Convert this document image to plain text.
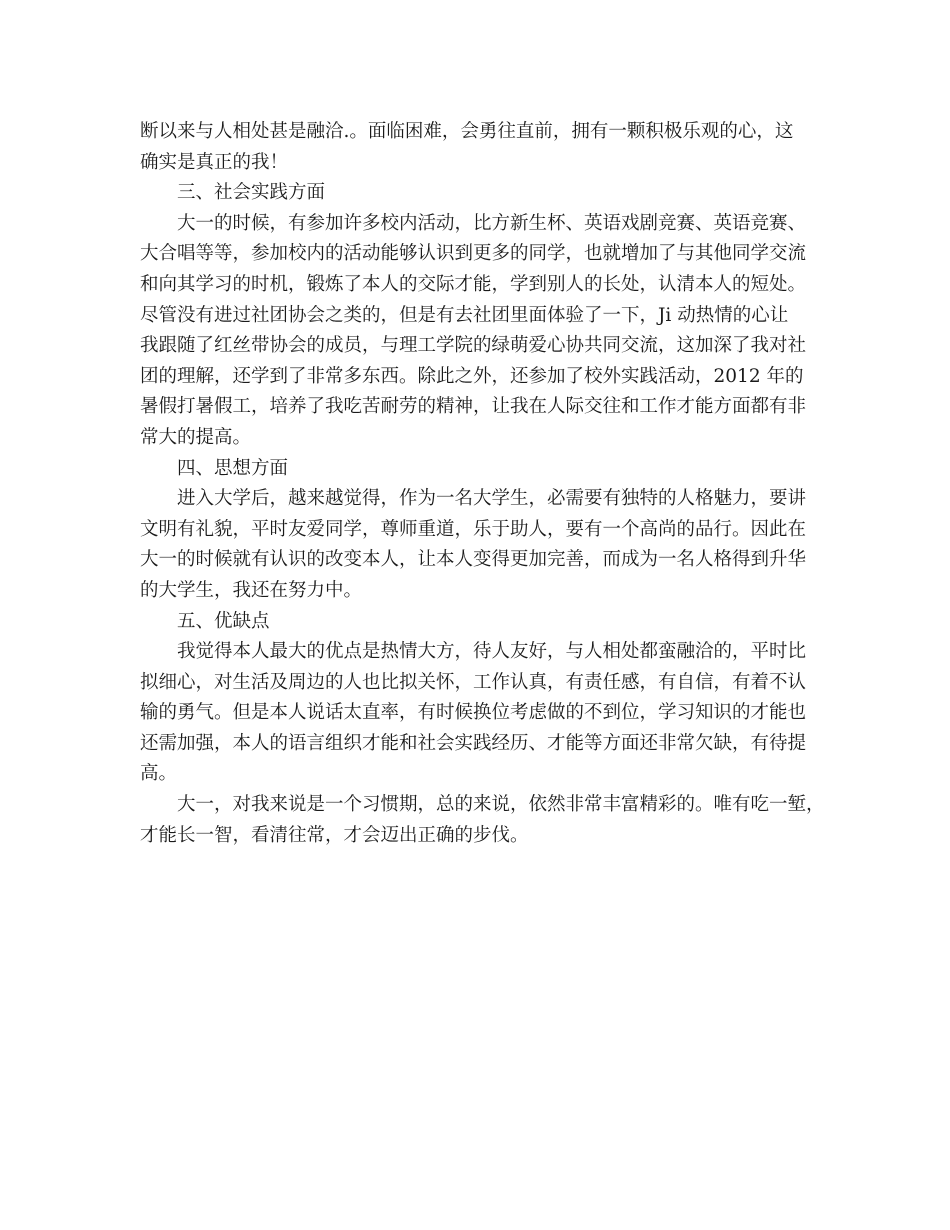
断以来与人相处甚是融洽.。面临困难，会勇往直前，拥有一颗积极乐观的心，这
确实是真正的我！
三、社会实践方面
大一的时候，有参加许多校内活动，比方新生杯、英语戏剧竞赛、英语竞赛、
大合唱等等，参加校内的活动能够认识到更多的同学，也就增加了与其他同学交流
和向其学习的时机，锻炼了本人的交际才能，学到别人的长处，认清本人的短处。
尽管没有进过社团协会之类的，但是有去社团里面体验了一下，Ji 动热情的心让
我跟随了红丝带协会的成员，与理工学院的绿萌爱心协共同交流，这加深了我对社
团的理解，还学到了非常多东西。除此之外，还参加了校外实践活动，2012 年的
暑假打暑假工，培养了我吃苦耐劳的精神，让我在人际交往和工作才能方面都有非
常大的提高。
四、思想方面
进入大学后，越来越觉得，作为一名大学生，必需要有独特的人格魅力，要讲
文明有礼貌，平时友爱同学，尊师重道，乐于助人，要有一个高尚的品行。因此在
大一的时候就有认识的改变本人，让本人变得更加完善，而成为一名人格得到升华
的大学生，我还在努力中。
五、优缺点
我觉得本人最大的优点是热情大方，待人友好，与人相处都蛮融洽的，平时比
拟细心，对生活及周边的人也比拟关怀，工作认真，有责任感，有自信，有着不认
输的勇气。但是本人说话太直率，有时候换位考虑做的不到位，学习知识的才能也
还需加强，本人的语言组织才能和社会实践经历、才能等方面还非常欠缺，有待提
高。
大一，对我来说是一个习惯期，总的来说，依然非常丰富精彩的。唯有吃一堑，
才能长一智，看清往常，才会迈出正确的步伐。
